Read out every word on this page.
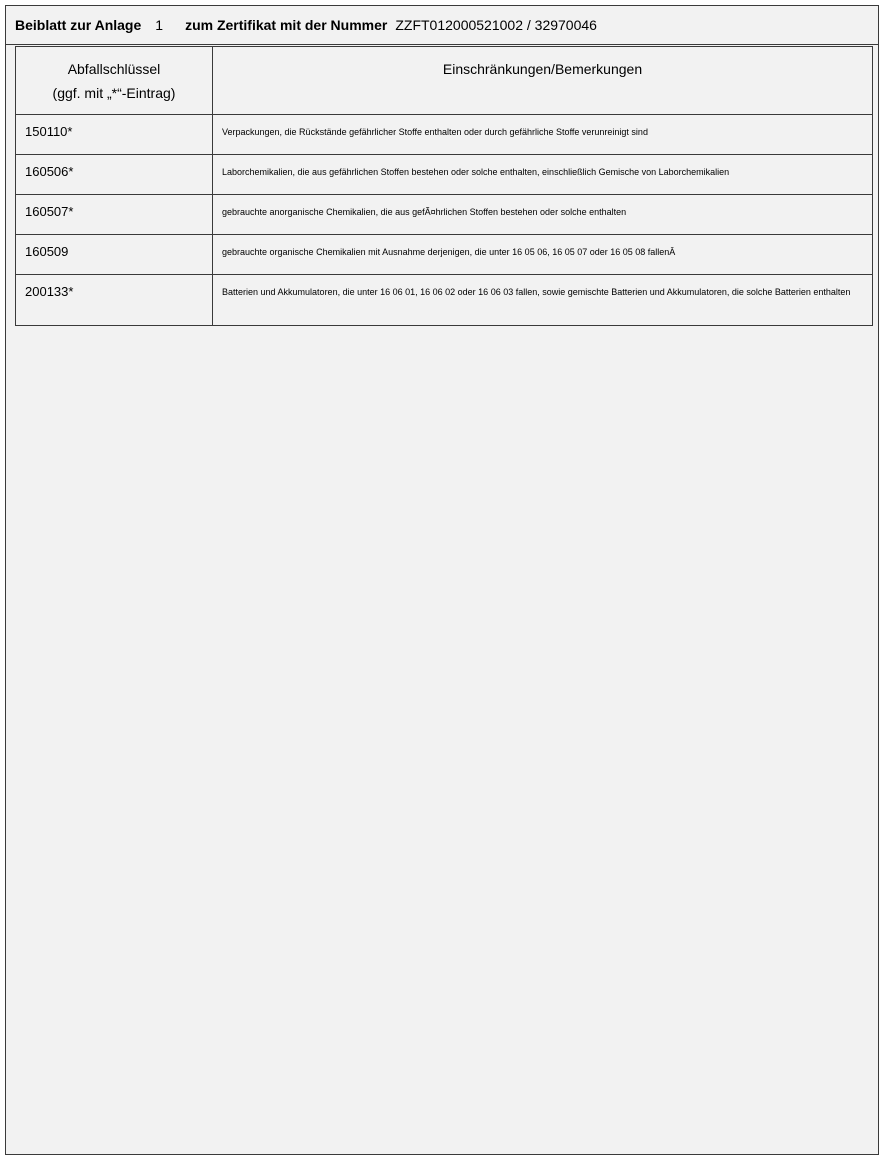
Beiblatt zur Anlage 1 zum Zertifikat mit der Nummer ZZFT012000521002 / 32970046
Abfallschlüssel
(ggf. mit „*“-Eintrag)	Einschränkungen/Bemerkungen

150110*	Verpackungen, die Rückstände gefährlicher Stoffe enthalten oder durch gefährliche Stoffe verunreinigt sind
160506*	Laborchemikalien, die aus gefährlichen Stoffen bestehen oder solche enthalten, einschließlich Gemische von Laborchemikalien
160507*	gebrauchte anorganische Chemikalien, die aus gefÃ¤hrlichen Stoffen bestehen oder solche enthalten
160509	gebrauchte organische Chemikalien mit Ausnahme derjenigen, die unter 16 05 06, 16 05 07 oder 16 05 08 fallenÂ
200133*	Batterien und Akkumulatoren, die unter 16 06 01, 16 06 02 oder 16 06 03 fallen, sowie gemischte Batterien und Akkumulatoren, die solche Batterien enthalten
